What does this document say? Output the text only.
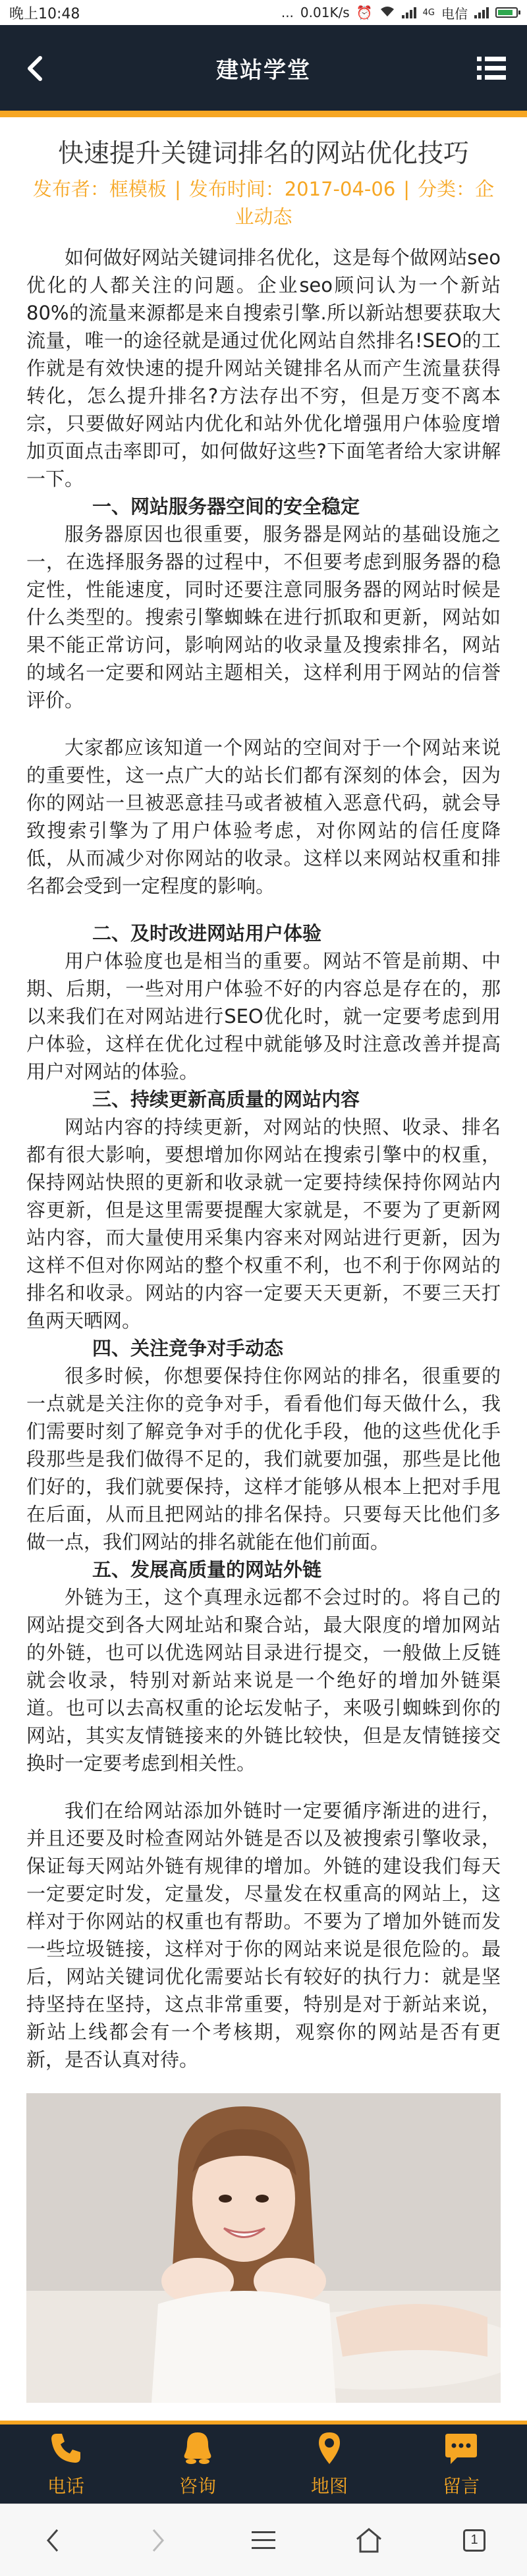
晚上10:48	... 0.01K/s ⏰	4G 电信
建站学堂
快速提升关键词排名的网站优化技巧
发布者：框模板 | 发布时间：2017-04-06 | 分类：企业动态

如何做好网站关键词排名优化，这是每个做网站seo优化的人都关注的问题。企业seo顾问认为一个新站80%的流量来源都是来自搜索引擎.所以新站想要获取大流量，唯一的途径就是通过优化网站自然排名!SEO的工作就是有效快速的提升网站关键排名从而产生流量获得转化，怎么提升排名?方法存出不穷，但是万变不离本宗，只要做好网站内优化和站外优化增强用户体验度增加页面点击率即可，如何做好这些?下面笔者给大家讲解一下。

一、网站服务器空间的安全稳定

服务器原因也很重要，服务器是网站的基础设施之一，在选择服务器的过程中，不但要考虑到服务器的稳定性，性能速度，同时还要注意同服务器的网站时候是什么类型的。搜索引擎蜘蛛在进行抓取和更新，网站如果不能正常访问，影响网站的收录量及搜索排名，网站的域名一定要和网站主题相关，这样利用于网站的信誉评价。

大家都应该知道一个网站的空间对于一个网站来说的重要性，这一点广大的站长们都有深刻的体会，因为你的网站一旦被恶意挂马或者被植入恶意代码，就会导致搜索引擎为了用户体验考虑，对你网站的信任度降低，从而减少对你网站的收录。这样以来网站权重和排名都会受到一定程度的影响。

二、及时改进网站用户体验

用户体验度也是相当的重要。网站不管是前期、中期、后期，一些对用户体验不好的内容总是存在的，那以来我们在对网站进行SEO优化时，就一定要考虑到用户体验，这样在优化过程中就能够及时注意改善并提高用户对网站的体验。

三、持续更新高质量的网站内容

网站内容的持续更新，对网站的快照、收录、排名都有很大影响，要想增加你网站在搜索引擎中的权重，保持网站快照的更新和收录就一定要持续保持你网站内容更新，但是这里需要提醒大家就是，不要为了更新网站内容，而大量使用采集内容来对网站进行更新，因为这样不但对你网站的整个权重不利，也不利于你网站的排名和收录。网站的内容一定要天天更新，不要三天打鱼两天晒网。

四、关注竞争对手动态

很多时候，你想要保持住你网站的排名，很重要的一点就是关注你的竞争对手，看看他们每天做什么，我们需要时刻了解竞争对手的优化手段，他的这些优化手段那些是我们做得不足的，我们就要加强，那些是比他们好的，我们就要保持，这样才能够从根本上把对手甩在后面，从而且把网站的排名保持。只要每天比他们多做一点，我们网站的排名就能在他们前面。

五、发展高质量的网站外链

外链为王，这个真理永远都不会过时的。将自己的网站提交到各大网址站和聚合站，最大限度的增加网站的外链，也可以优选网站目录进行提交，一般做上反链就会收录，特别对新站来说是一个绝好的增加外链渠道。也可以去高权重的论坛发帖子，来吸引蜘蛛到你的网站，其实友情链接来的外链比较快，但是友情链接交换时一定要考虑到相关性。

我们在给网站添加外链时一定要循序渐进的进行，并且还要及时检查网站外链是否以及被搜索引擎收录，保证每天网站外链有规律的增加。外链的建设我们每天一定要定时发，定量发，尽量发在权重高的网站上，这样对于你网站的权重也有帮助。不要为了增加外链而发一些垃圾链接，这样对于你的网站来说是很危险的。最后，网站关键词优化需要站长有较好的执行力：就是坚持坚持在坚持，这点非常重要，特别是对于新站来说，新站上线都会有一个考核期，观察你的网站是否有更新，是否认真对待。

电话	咨询	地图	留言
1
